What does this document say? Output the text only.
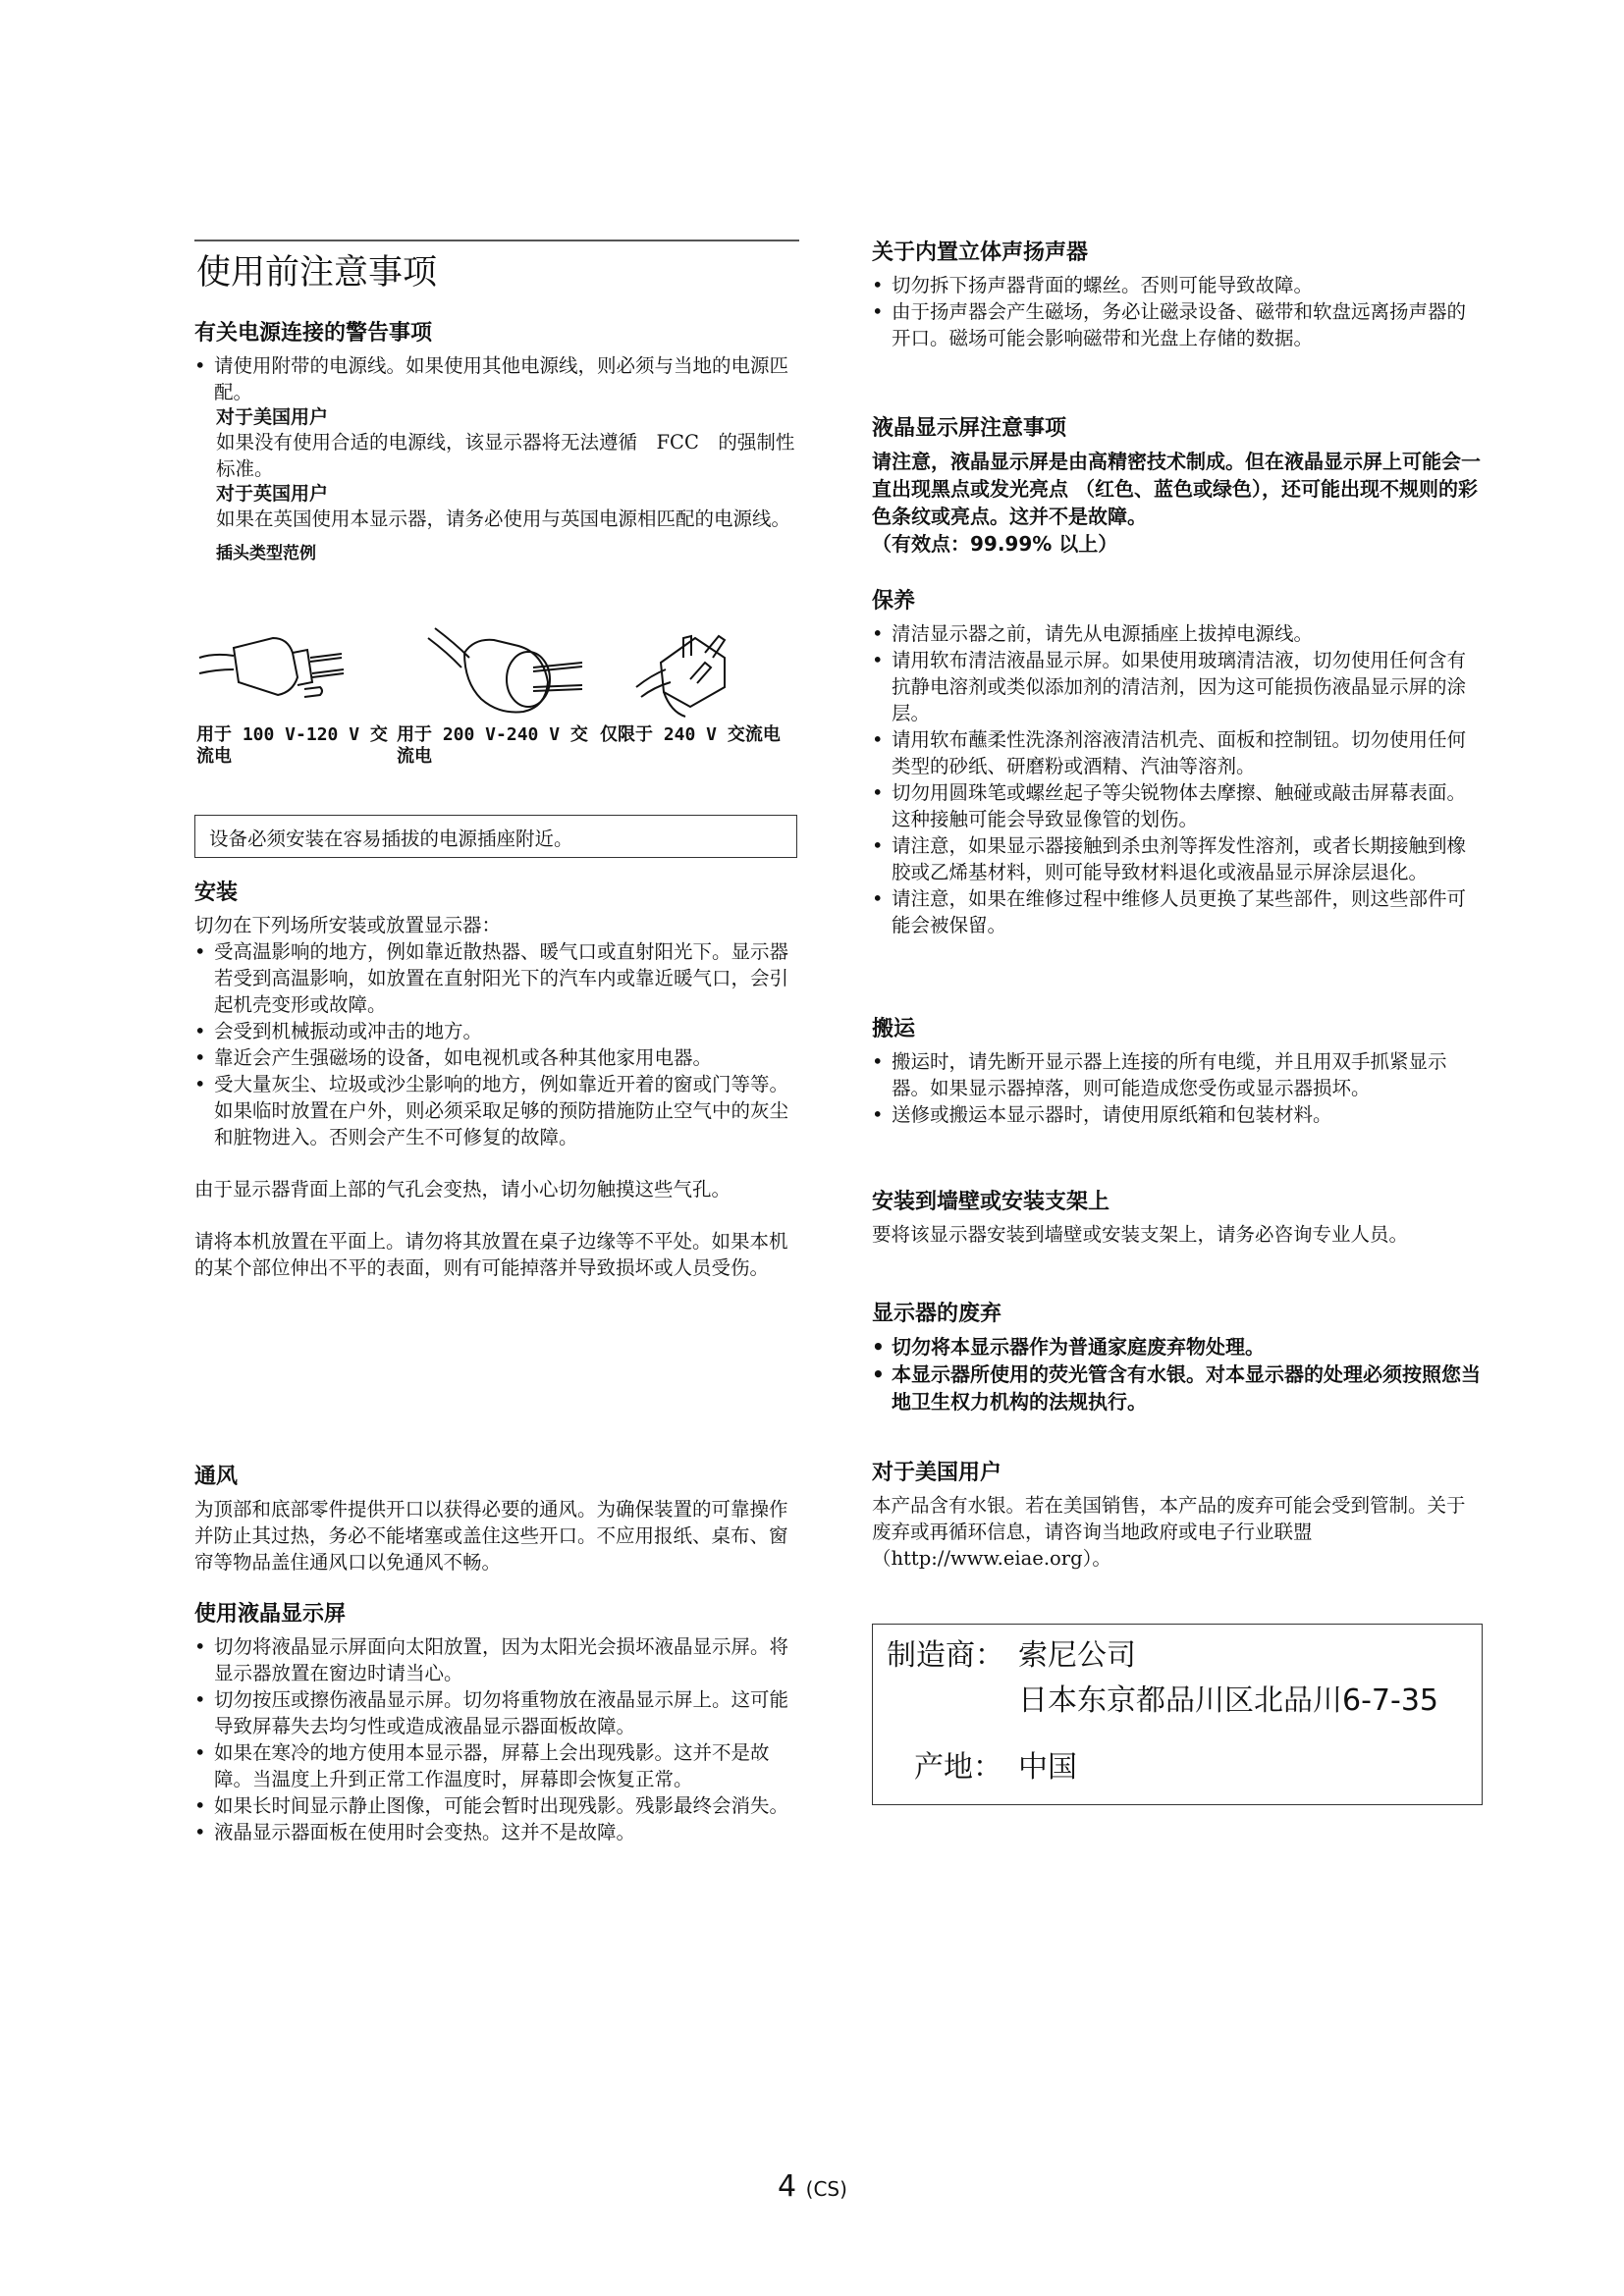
使用前注意事项

有关电源连接的警告事项

• 请使用附带的电源线。如果使用其他电源线，则必须与当地的电源匹配。

对于美国用户

如果没有使用合适的电源线，该显示器将无法遵循　FCC　的强制性标准。

对于英国用户

如果在英国使用本显示器，请务必使用与英国电源相匹配的电源线。

插头类型范例

用于 100 V-120 V 交流电
用于 200 V-240 V 交流电
仅限于 240 V 交流电
设备必须安装在容易插拔的电源插座附近。

安装

切勿在下列场所安装或放置显示器：

• 受高温影响的地方，例如靠近散热器、暖气口或直射阳光下。显示器若受到高温影响，如放置在直射阳光下的汽车内或靠近暖气口，会引起机壳变形或故障。
• 会受到机械振动或冲击的地方。
• 靠近会产生强磁场的设备，如电视机或各种其他家用电器。
• 受大量灰尘、垃圾或沙尘影响的地方，例如靠近开着的窗或门等等。如果临时放置在户外，则必须采取足够的预防措施防止空气中的灰尘和脏物进入。否则会产生不可修复的故障。

由于显示器背面上部的气孔会变热，请小心切勿触摸这些气孔。

请将本机放置在平面上。请勿将其放置在桌子边缘等不平处。如果本机的某个部位伸出不平的表面，则有可能掉落并导致损坏或人员受伤。

通风

为顶部和底部零件提供开口以获得必要的通风。为确保装置的可靠操作并防止其过热，务必不能堵塞或盖住这些开口。不应用报纸、桌布、窗帘等物品盖住通风口以免通风不畅。

使用液晶显示屏

• 切勿将液晶显示屏面向太阳放置，因为太阳光会损坏液晶显示屏。将显示器放置在窗边时请当心。
• 切勿按压或擦伤液晶显示屏。切勿将重物放在液晶显示屏上。这可能导致屏幕失去均匀性或造成液晶显示器面板故障。
• 如果在寒冷的地方使用本显示器，屏幕上会出现残影。这并不是故障。当温度上升到正常工作温度时，屏幕即会恢复正常。
• 如果长时间显示静止图像，可能会暂时出现残影。残影最终会消失。
• 液晶显示器面板在使用时会变热。这并不是故障。

关于内置立体声扬声器

• 切勿拆下扬声器背面的螺丝。否则可能导致故障。
• 由于扬声器会产生磁场，务必让磁录设备、磁带和软盘远离扬声器的开口。磁场可能会影响磁带和光盘上存储的数据。

液晶显示屏注意事项

请注意，液晶显示屏是由高精密技术制成。但在液晶显示屏上可能会一直出现黑点或发光亮点 （红色、蓝色或绿色），还可能出现不规则的彩色条纹或亮点。这并不是故障。

（有效点：99.99% 以上）

保养

• 清洁显示器之前，请先从电源插座上拔掉电源线。
• 请用软布清洁液晶显示屏。如果使用玻璃清洁液，切勿使用任何含有抗静电溶剂或类似添加剂的清洁剂，因为这可能损伤液晶显示屏的涂层。
• 请用软布蘸柔性洗涤剂溶液清洁机壳、面板和控制钮。切勿使用任何类型的砂纸、研磨粉或酒精、汽油等溶剂。
• 切勿用圆珠笔或螺丝起子等尖锐物体去摩擦、触碰或敲击屏幕表面。这种接触可能会导致显像管的划伤。
• 请注意，如果显示器接触到杀虫剂等挥发性溶剂，或者长期接触到橡胶或乙烯基材料，则可能导致材料退化或液晶显示屏涂层退化。
• 请注意，如果在维修过程中维修人员更换了某些部件，则这些部件可能会被保留。

搬运

• 搬运时，请先断开显示器上连接的所有电缆，并且用双手抓紧显示器。如果显示器掉落，则可能造成您受伤或显示器损坏。
• 送修或搬运本显示器时，请使用原纸箱和包装材料。

安装到墙壁或安装支架上

要将该显示器安装到墙壁或安装支架上，请务必咨询专业人员。

显示器的废弃

• 切勿将本显示器作为普通家庭废弃物处理。
• 本显示器所使用的荧光管含有水银。对本显示器的处理必须按照您当地卫生权力机构的法规执行。

对于美国用户

本产品含有水银。若在美国销售，本产品的废弃可能会受到管制。关于废弃或再循环信息，请咨询当地政府或电子行业联盟　（http://www.eiae.org）。

制造商： 索尼公司
日本东京都品川区北品川6-7-35
产地： 中国
4 (CS)
